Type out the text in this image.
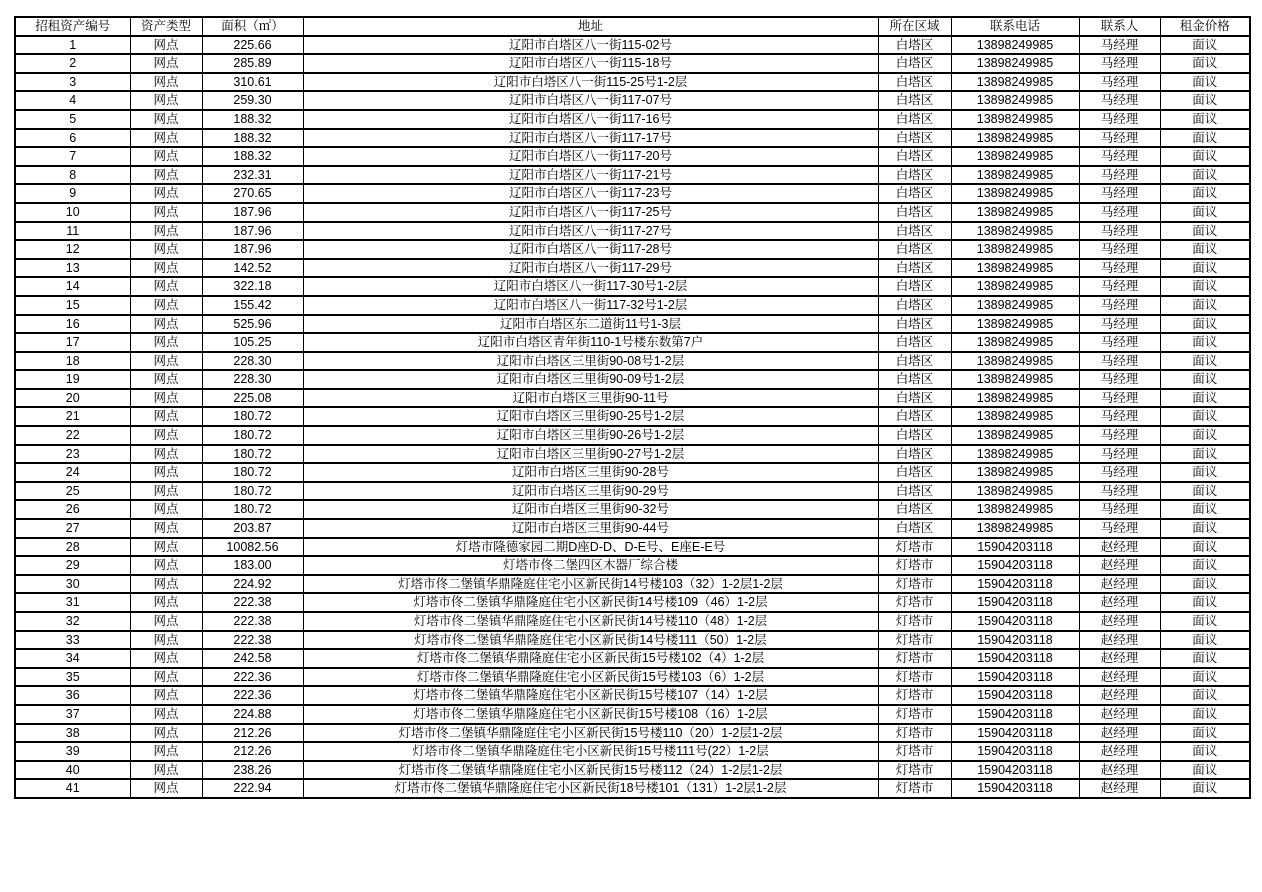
招租资产编号	资产类型	面积（㎡）	地址	所在区域	联系电话	联系人	租金价格
1	网点	225.66	辽阳市白塔区八一街115-02号	白塔区	13898249985	马经理	面议
2	网点	285.89	辽阳市白塔区八一街115-18号	白塔区	13898249985	马经理	面议
3	网点	310.61	辽阳市白塔区八一街115-25号1-2层	白塔区	13898249985	马经理	面议
4	网点	259.30	辽阳市白塔区八一街117-07号	白塔区	13898249985	马经理	面议
5	网点	188.32	辽阳市白塔区八一街117-16号	白塔区	13898249985	马经理	面议
6	网点	188.32	辽阳市白塔区八一街117-17号	白塔区	13898249985	马经理	面议
7	网点	188.32	辽阳市白塔区八一街117-20号	白塔区	13898249985	马经理	面议
8	网点	232.31	辽阳市白塔区八一街117-21号	白塔区	13898249985	马经理	面议
9	网点	270.65	辽阳市白塔区八一街117-23号	白塔区	13898249985	马经理	面议
10	网点	187.96	辽阳市白塔区八一街117-25号	白塔区	13898249985	马经理	面议
11	网点	187.96	辽阳市白塔区八一街117-27号	白塔区	13898249985	马经理	面议
12	网点	187.96	辽阳市白塔区八一街117-28号	白塔区	13898249985	马经理	面议
13	网点	142.52	辽阳市白塔区八一街117-29号	白塔区	13898249985	马经理	面议
14	网点	322.18	辽阳市白塔区八一街117-30号1-2层	白塔区	13898249985	马经理	面议
15	网点	155.42	辽阳市白塔区八一街117-32号1-2层	白塔区	13898249985	马经理	面议
16	网点	525.96	辽阳市白塔区东二道街11号1-3层	白塔区	13898249985	马经理	面议
17	网点	105.25	辽阳市白塔区青年街110-1号楼东数第7户	白塔区	13898249985	马经理	面议
18	网点	228.30	辽阳市白塔区三里街90-08号1-2层	白塔区	13898249985	马经理	面议
19	网点	228.30	辽阳市白塔区三里街90-09号1-2层	白塔区	13898249985	马经理	面议
20	网点	225.08	辽阳市白塔区三里街90-11号	白塔区	13898249985	马经理	面议
21	网点	180.72	辽阳市白塔区三里街90-25号1-2层	白塔区	13898249985	马经理	面议
22	网点	180.72	辽阳市白塔区三里街90-26号1-2层	白塔区	13898249985	马经理	面议
23	网点	180.72	辽阳市白塔区三里街90-27号1-2层	白塔区	13898249985	马经理	面议
24	网点	180.72	辽阳市白塔区三里街90-28号	白塔区	13898249985	马经理	面议
25	网点	180.72	辽阳市白塔区三里街90-29号	白塔区	13898249985	马经理	面议
26	网点	180.72	辽阳市白塔区三里街90-32号	白塔区	13898249985	马经理	面议
27	网点	203.87	辽阳市白塔区三里街90-44号	白塔区	13898249985	马经理	面议
28	网点	10082.56	灯塔市隆德家园二期D座D-D、D-E号、E座E-E号	灯塔市	15904203118	赵经理	面议
29	网点	183.00	灯塔市佟二堡四区木器厂综合楼	灯塔市	15904203118	赵经理	面议
30	网点	224.92	灯塔市佟二堡镇华鼎隆庭住宅小区新民街14号楼103（32）1-2层1-2层	灯塔市	15904203118	赵经理	面议
31	网点	222.38	灯塔市佟二堡镇华鼎隆庭住宅小区新民街14号楼109（46）1-2层	灯塔市	15904203118	赵经理	面议
32	网点	222.38	灯塔市佟二堡镇华鼎隆庭住宅小区新民街14号楼110（48）1-2层	灯塔市	15904203118	赵经理	面议
33	网点	222.38	灯塔市佟二堡镇华鼎隆庭住宅小区新民街14号楼111（50）1-2层	灯塔市	15904203118	赵经理	面议
34	网点	242.58	灯塔市佟二堡镇华鼎隆庭住宅小区新民街15号楼102（4）1-2层	灯塔市	15904203118	赵经理	面议
35	网点	222.36	灯塔市佟二堡镇华鼎隆庭住宅小区新民街15号楼103（6）1-2层	灯塔市	15904203118	赵经理	面议
36	网点	222.36	灯塔市佟二堡镇华鼎隆庭住宅小区新民街15号楼107（14）1-2层	灯塔市	15904203118	赵经理	面议
37	网点	224.88	灯塔市佟二堡镇华鼎隆庭住宅小区新民街15号楼108（16）1-2层	灯塔市	15904203118	赵经理	面议
38	网点	212.26	灯塔市佟二堡镇华鼎隆庭住宅小区新民街15号楼110（20）1-2层1-2层	灯塔市	15904203118	赵经理	面议
39	网点	212.26	灯塔市佟二堡镇华鼎隆庭住宅小区新民街15号楼111号(22）1-2层	灯塔市	15904203118	赵经理	面议
40	网点	238.26	灯塔市佟二堡镇华鼎隆庭住宅小区新民街15号楼112（24）1-2层1-2层	灯塔市	15904203118	赵经理	面议
41	网点	222.94	灯塔市佟二堡镇华鼎隆庭住宅小区新民街18号楼101（131）1-2层1-2层	灯塔市	15904203118	赵经理	面议
